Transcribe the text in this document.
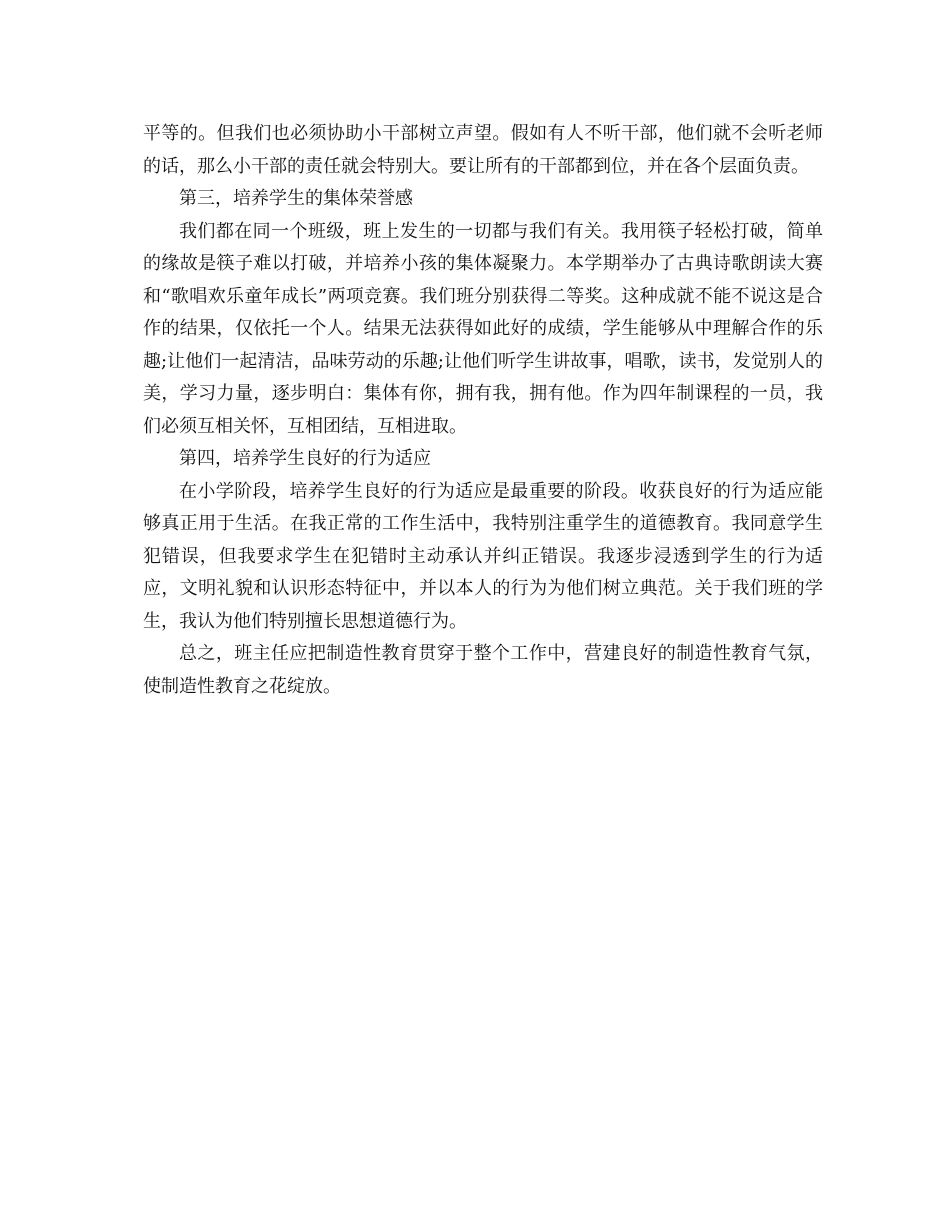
平等的。但我们也必须协助小干部树立声望。假如有人不听干部，他们就不会听老师的话，那么小干部的责任就会特别大。要让所有的干部都到位，并在各个层面负责。

第三，培养学生的集体荣誉感

我们都在同一个班级，班上发生的一切都与我们有关。我用筷子轻松打破，简单的缘故是筷子难以打破，并培养小孩的集体凝聚力。本学期举办了古典诗歌朗读大赛和“歌唱欢乐童年成长”两项竞赛。我们班分别获得二等奖。这种成就不能不说这是合作的结果，仅依托一个人。结果无法获得如此好的成绩，学生能够从中理解合作的乐趣;让他们一起清洁，品味劳动的乐趣;让他们听学生讲故事，唱歌，读书，发觉别人的美，学习力量，逐步明白：集体有你，拥有我，拥有他。作为四年制课程的一员，我们必须互相关怀，互相团结，互相进取。

第四，培养学生良好的行为适应

在小学阶段，培养学生良好的行为适应是最重要的阶段。收获良好的行为适应能够真正用于生活。在我正常的工作生活中，我特别注重学生的道德教育。我同意学生犯错误，但我要求学生在犯错时主动承认并纠正错误。我逐步浸透到学生的行为适应，文明礼貌和认识形态特征中，并以本人的行为为他们树立典范。关于我们班的学生，我认为他们特别擅长思想道德行为。

总之，班主任应把制造性教育贯穿于整个工作中，营建良好的制造性教育气氛，使制造性教育之花绽放。
